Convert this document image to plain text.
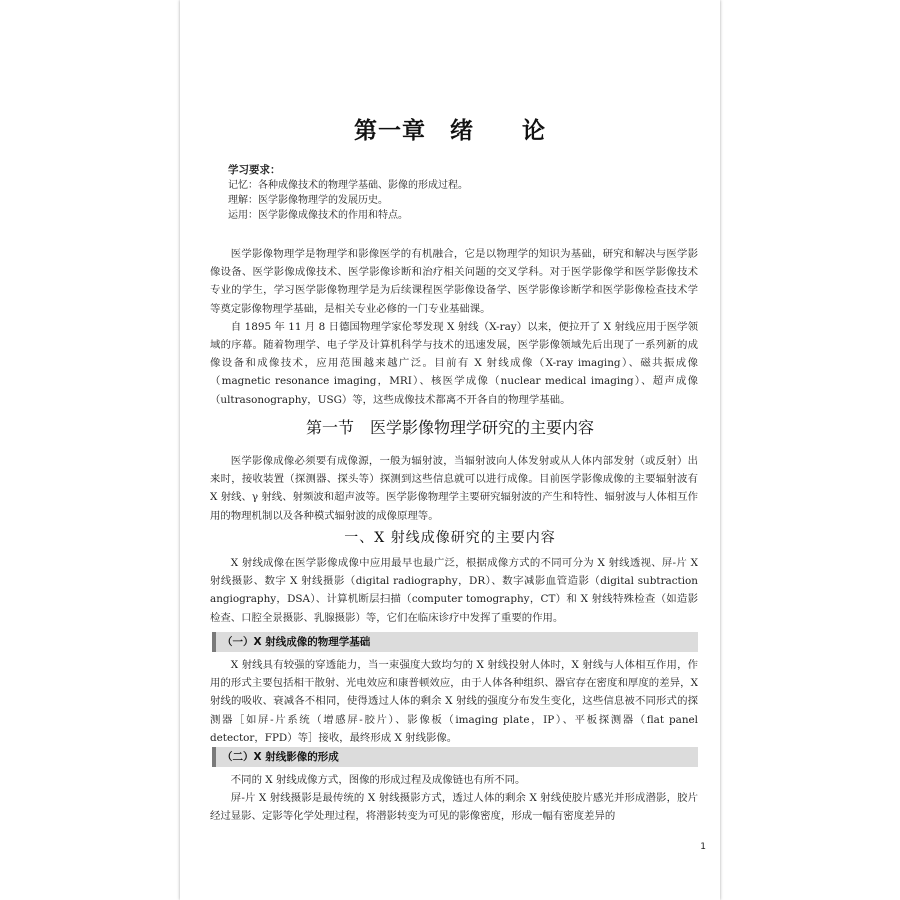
第一章　绪　　论
学习要求：
记忆：各种成像技术的物理学基础、影像的形成过程。
理解：医学影像物理学的发展历史。
运用：医学影像成像技术的作用和特点。

医学影像物理学是物理学和影像医学的有机融合，它是以物理学的知识为基础，研究和解决与医学影像设备、医学影像成像技术、医学影像诊断和治疗相关问题的交叉学科。对于医学影像学和医学影像技术专业的学生，学习医学影像物理学是为后续课程医学影像设备学、医学影像诊断学和医学影像检查技术学等奠定影像物理学基础，是相关专业必修的一门专业基础课。

自 1895 年 11 月 8 日德国物理学家伦琴发现 X 射线（X-ray）以来，便拉开了 X 射线应用于医学领域的序幕。随着物理学、电子学及计算机科学与技术的迅速发展，医学影像领域先后出现了一系列新的成像设备和成像技术，应用范围越来越广泛。目前有 X 射线成像（X-ray imaging）、磁共振成像（magnetic resonance imaging，MRI）、核医学成像（nuclear medical imaging）、超声成像（ultrasonography，USG）等，这些成像技术都离不开各自的物理学基础。

第一节　医学影像物理学研究的主要内容

医学影像成像必须要有成像源，一般为辐射波，当辐射波向人体发射或从人体内部发射（或反射）出来时，接收装置（探测器、探头等）探测到这些信息就可以进行成像。目前医学影像成像的主要辐射波有 X 射线、γ 射线、射频波和超声波等。医学影像物理学主要研究辐射波的产生和特性、辐射波与人体相互作用的物理机制以及各种模式辐射波的成像原理等。

一、X 射线成像研究的主要内容

X 射线成像在医学影像成像中应用最早也最广泛，根据成像方式的不同可分为 X 射线透视、屏-片 X 射线摄影、数字 X 射线摄影（digital radiography，DR）、数字减影血管造影（digital subtraction angiography，DSA）、计算机断层扫描（computer tomography，CT）和 X 射线特殊检查（如造影检查、口腔全景摄影、乳腺摄影）等，它们在临床诊疗中发挥了重要的作用。

（一）X 射线成像的物理学基础

X 射线具有较强的穿透能力，当一束强度大致均匀的 X 射线投射人体时，X 射线与人体相互作用，作用的形式主要包括相干散射、光电效应和康普顿效应，由于人体各种组织、器官存在密度和厚度的差异，X 射线的吸收、衰减各不相同，使得透过人体的剩余 X 射线的强度分布发生变化，这些信息被不同形式的探测器［如屏-片系统（增感屏-胶片）、影像板（imaging plate，IP）、平板探测器（flat panel detector，FPD）等］接收，最终形成 X 射线影像。

（二）X 射线影像的形成

不同的 X 射线成像方式，图像的形成过程及成像链也有所不同。

屏-片 X 射线摄影是最传统的 X 射线摄影方式，透过人体的剩余 X 射线使胶片感光并形成潜影，胶片经过显影、定影等化学处理过程，将潜影转变为可见的影像密度，形成一幅有密度差异的

1
